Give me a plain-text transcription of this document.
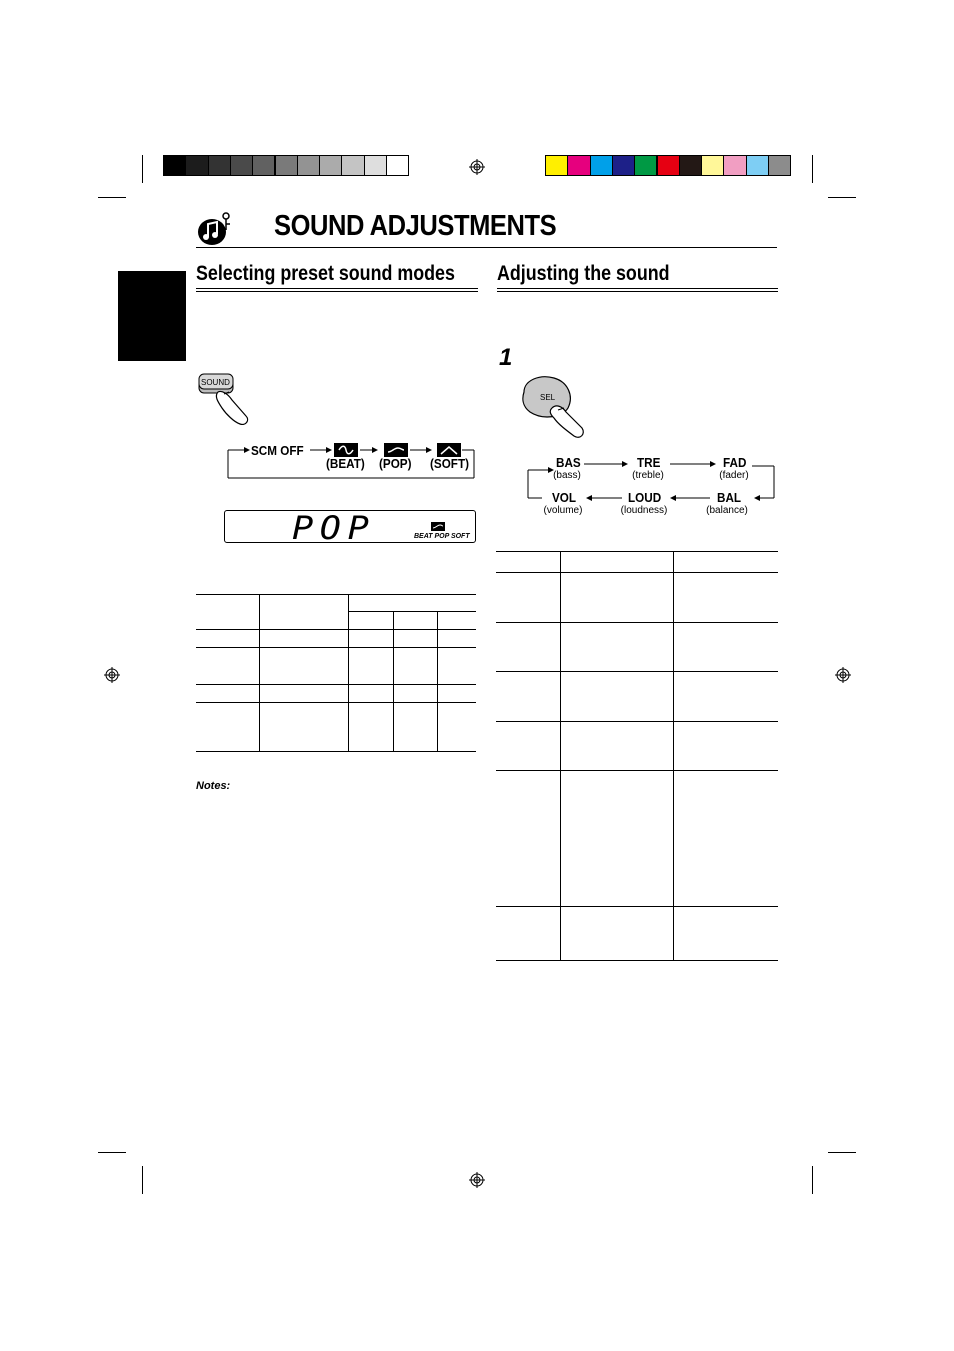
SOUND ADJUSTMENTS
Selecting preset sound modes Adjusting the sound
SOUND
SCM OFF
(BEAT) (POP) (SOFT)
POP	BEAT POP SOFT
Notes:
1
SEL
BAS
(bass)
TRE
(treble)
FAD
(fader)
VOL
(volume)
LOUD
(loudness)
BAL
(balance)
